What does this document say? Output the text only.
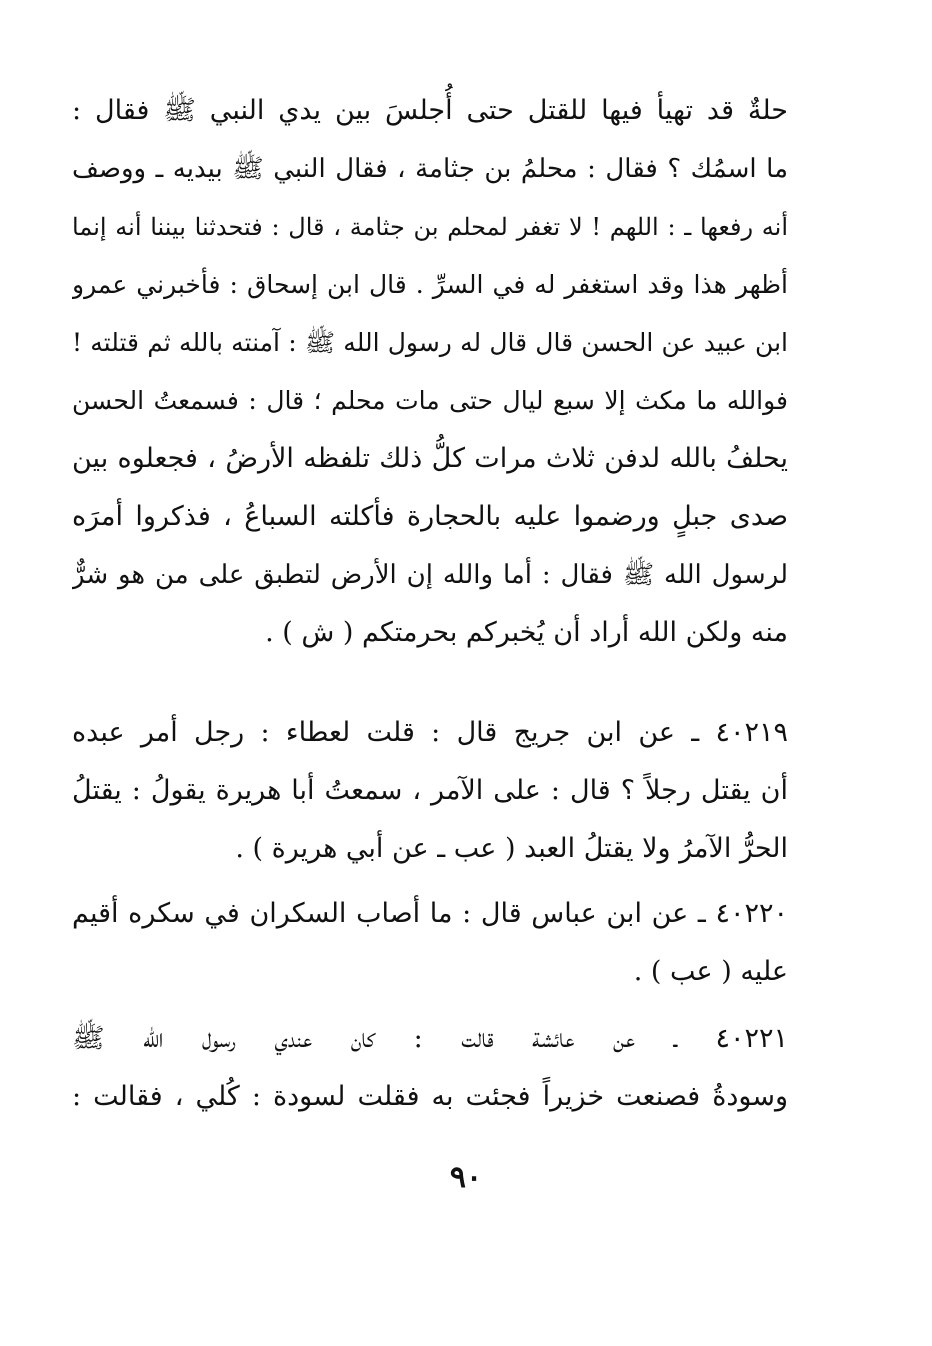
حلةٌ قد تهيأ فيها للقتل حتى أُجلسَ بين يدي النبي ﷺ فقال :
ما اسمُك ؟ فقال : محلمُ بن جثامة ، فقال النبي ﷺ بيديه ـ ووصف
أنه رفعها ـ : اللهم ! لا تغفر لمحلم بن جثامة ، قال : فتحدثنا بيننا أنه إنما
أظهر هذا وقد استغفر له في السرِّ . قال ابن إسحاق : فأخبرني عمرو
ابن عبيد عن الحسن قال قال له رسول الله ﷺ : آمنته بالله ثم قتلته !
فوالله ما مكث إلا سبع ليال حتى مات محلم ؛ قال : فسمعتُ الحسن
يحلفُ بالله لدفن ثلاث مرات كلُّ ذلك تلفظه الأرضُ ، فجعلوه بين
صدى جبلٍ ورضموا عليه بالحجارة فأكلته السباعُ ، فذكروا أمرَه
لرسول الله ﷺ فقال : أما والله إن الأرض لتطبق على من هو شرٌّ
منه ولكن الله أراد أن يُخبركم بحرمتكم ( ش ) .
٤٠٢١٩ ـ عن ابن جريج قال : قلت لعطاء : رجل أمر عبده
أن يقتل رجلاً ؟ قال : على الآمر ، سمعتُ أبا هريرة يقولُ : يقتلُ
الحرُّ الآمرُ ولا يقتلُ العبد ( عب ـ عن أبي هريرة ) .
٤٠٢٢٠ ـ عن ابن عباس قال : ما أصاب السكران في سكره أقيم
عليه ( عب ) .
٤٠٢٢١ ـ عن عائشة قالت : كان عندي رسول الله ﷺ
وسودةُ فصنعت خزيراً فجئت به فقلت لسودة : كُلي ، فقالت :
٩٠
